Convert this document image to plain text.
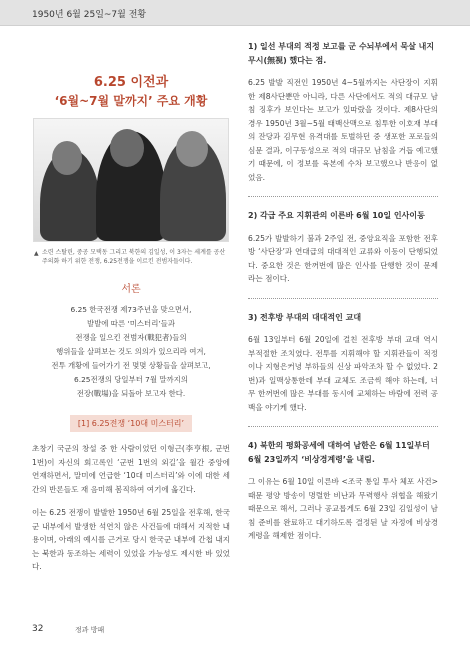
1950년 6월 25일~7월 전황
6.25 이전과
‘6월~7월 말까지’ 주요 개황
▲ 소련 스탈린, 중공 모택동 그리고 북한의 김일성, 이 3자는 세계를 공산주의화 하기 위한 전쟁, 6.25전쟁을 이르킨 전범자들이다.
서론
6.25 한국전쟁 제73주년을 맞으면서,
발발에 따른 ‘미스터리’들과
전쟁을 일으킨 전범자(戰犯者)들의
행위들을 살펴보는 것도 의의가 있으리라 여겨,
전투 개황에 들어가기 전 몇몇 상황들을 살펴보고,
6.25전쟁의 당일부터 7월 말까지의
전장(戰場)을 되돌아 보고자 한다.
[1] 6.25전쟁 ‘10대 미스터리’

초창기 국군의 창설 중 한 사람이었던 이형근(李亨根, 군번 1번)이 자신의 회고록인 ‘군번 1번의 외길’을 월간 중앙에 연재하면서, 말미에 언급한 ‘10대 미스터리’와 이에 대한 세간의 반론들도 재 음미해 봄직하여 여기에 옮긴다.

이는 6.25 전쟁이 발발한 1950년 6월 25일을 전후해, 한국군 내부에서 발생한 석연치 않은 사건들에 대해서 지적한 내용이며, 아래의 예시를 근거로 당시 한국군 내부에 간첩 내지는 북한과 동조하는 세력이 있었을 가능성도 제시한 바 있었다.

1) 일선 부대의 적정 보고를 군 수뇌부에서 묵살 내지 무시(無視) 했다는 점.

6.25 발발 직전인 1950년 4~5월까지는 사단장이 지휘한 제8사단뿐만 아니라, 다른 사단에서도 적의 대규모 남침 징후가 보인다는 보고가 있따랐을 것이다. 제8사단의 경우 1950년 3월~5월 태백산맥으로 침투한 이호재 부대의 잔당과 김무현 유격대를 토벌하던 중 생포한 포로들의 심문 결과, 이구동성으로 적의 대규모 남침을 거듭 예고했기 때문에, 이 정보를 육본에 수차 보고했으나 반응이 없었음.

2) 각급 주요 지휘관의 이른바 6월 10일 인사이동

6.25가 발발하기 불과 2주일 전, 중앙요직을 포함한 전후방 ‘사단장’과 연대급의 대대적인 교류와 이동이 단행되었다. 중요한 것은 한꺼번에 많은 인사를 단행한 것이 문제라는 점이다.

3) 전후방 부대의 대대적인 교대

6월 13일부터 6월 20일에 걸친 전후방 부대 교대 역시 부적절한 조치였다. 전투를 지휘해야 할 지휘관들이 적정이나 지형은커녕 부하들의 신상 파악조차 할 수 없었다. 2번)과 일맥상통한데 부대 교체도 조금씩 해야 하는데, 너무 한꺼번에 많은 부대를 동시에 교체하는 바람에 전력 공백을 야기케 했다.

4) 북한의 평화공세에 대하여 남한은 6월 11일부터 6월 23일까지 ‘비상경계령’을 내림.

그 이유는 6월 10일 이른바 <조국 통일 투사 체포 사건> 때문 평양 방송이 명렬한 비난과 무력행사 위협을 해왔기 때문으로 해서, 그러나 공교롭게도 6월 23일 김일성이 남침 준비를 완료하고 대기하도록 결정된 날 자정에 비상경계령을 해제한 점이다.

32	정과 방패
